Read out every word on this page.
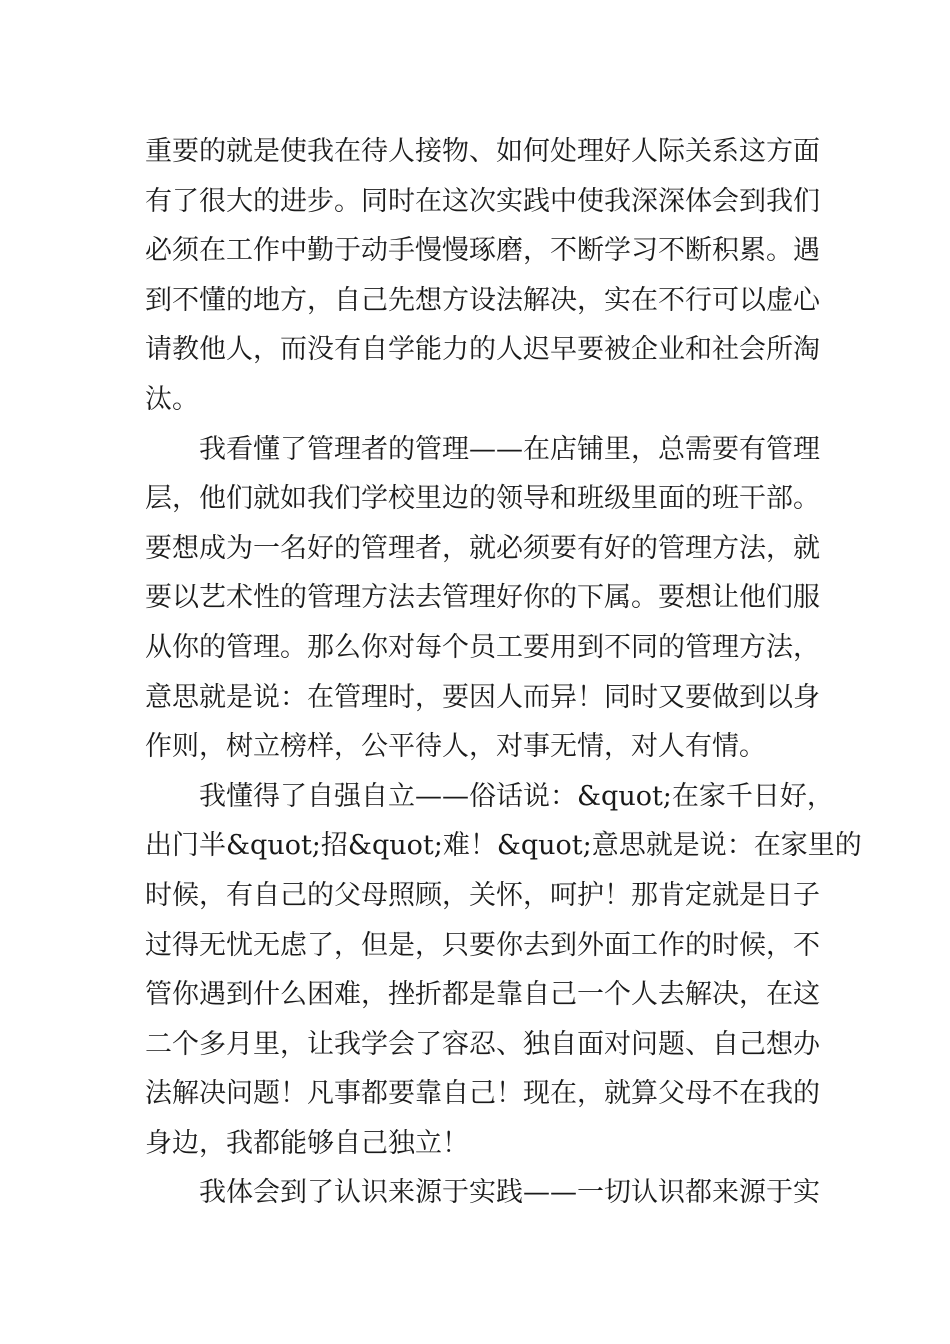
重要的就是使我在待人接物、如何处理好人际关系这方面
有了很大的进步。同时在这次实践中使我深深体会到我们
必须在工作中勤于动手慢慢琢磨，不断学习不断积累。遇
到不懂的地方，自己先想方设法解决，实在不行可以虚心
请教他人，而没有自学能力的人迟早要被企业和社会所淘
汰。
　　我看懂了管理者的管理——在店铺里，总需要有管理
层，他们就如我们学校里边的领导和班级里面的班干部。
要想成为一名好的管理者，就必须要有好的管理方法，就
要以艺术性的管理方法去管理好你的下属。要想让他们服
从你的管理。那么你对每个员工要用到不同的管理方法，
意思就是说：在管理时，要因人而异！同时又要做到以身
作则，树立榜样，公平待人，对事无情，对人有情。
　　我懂得了自强自立——俗话说：&quot;在家千日好，
出门半&quot;招&quot;难！&quot;意思就是说：在家里的
时候，有自己的父母照顾，关怀，呵护！那肯定就是日子
过得无忧无虑了，但是，只要你去到外面工作的时候，不
管你遇到什么困难，挫折都是靠自己一个人去解决，在这
二个多月里，让我学会了容忍、独自面对问题、自己想办
法解决问题！凡事都要靠自己！现在，就算父母不在我的
身边，我都能够自己独立！
　　我体会到了认识来源于实践——一切认识都来源于实
